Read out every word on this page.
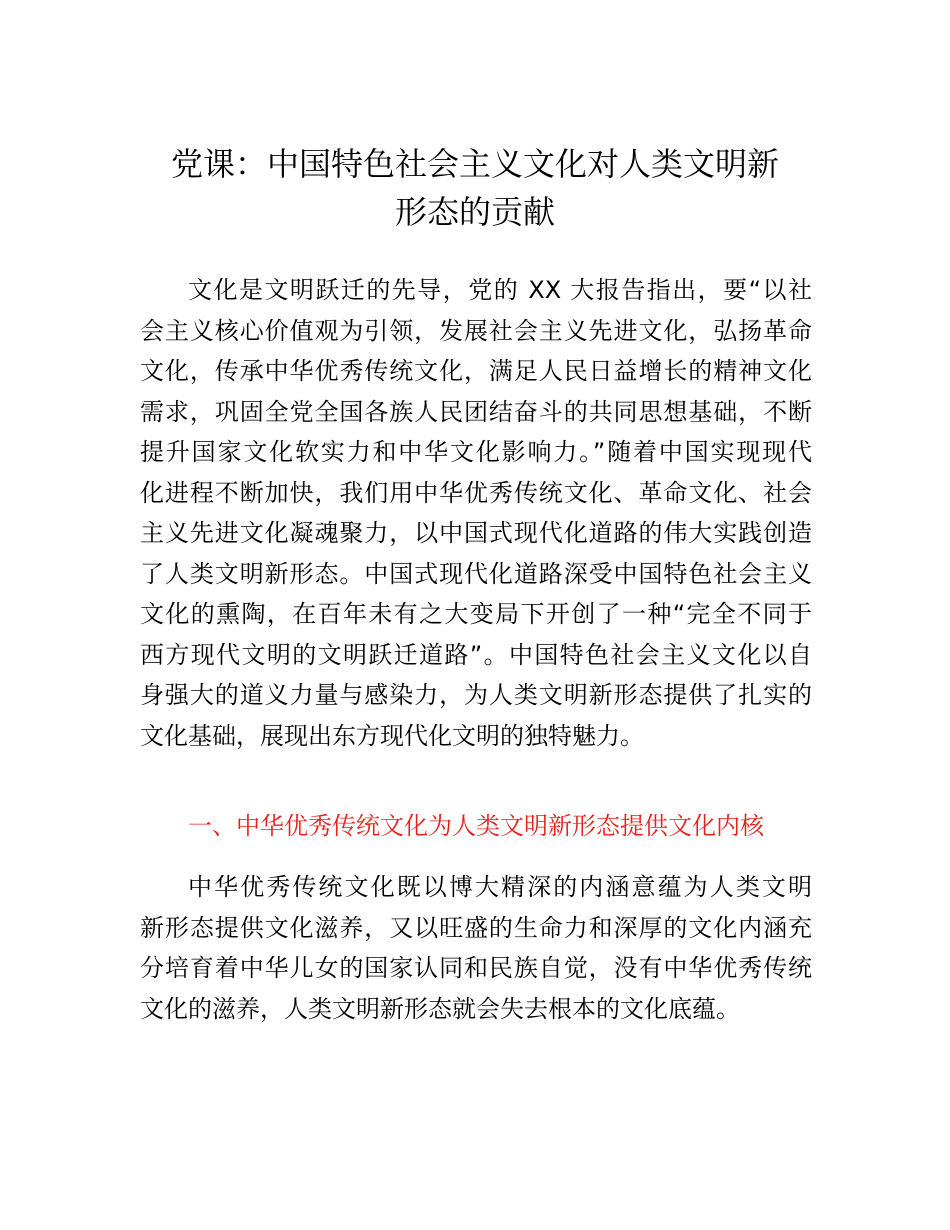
党课：中国特色社会主义文化对人类文明新
形态的贡献
文化是文明跃迁的先导，党的 XX 大报告指出，要“以社
会主义核心价值观为引领，发展社会主义先进文化，弘扬革命
文化，传承中华优秀传统文化，满足人民日益增长的精神文化
需求，巩固全党全国各族人民团结奋斗的共同思想基础，不断
提升国家文化软实力和中华文化影响力。”随着中国实现现代
化进程不断加快，我们用中华优秀传统文化、革命文化、社会
主义先进文化凝魂聚力，以中国式现代化道路的伟大实践创造
了人类文明新形态。中国式现代化道路深受中国特色社会主义
文化的熏陶，在百年未有之大变局下开创了一种“完全不同于
西方现代文明的文明跃迁道路”。中国特色社会主义文化以自
身强大的道义力量与感染力，为人类文明新形态提供了扎实的
文化基础，展现出东方现代化文明的独特魅力。
一、中华优秀传统文化为人类文明新形态提供文化内核
中华优秀传统文化既以博大精深的内涵意蕴为人类文明
新形态提供文化滋养，又以旺盛的生命力和深厚的文化内涵充
分培育着中华儿女的国家认同和民族自觉，没有中华优秀传统
文化的滋养，人类文明新形态就会失去根本的文化底蕴。
